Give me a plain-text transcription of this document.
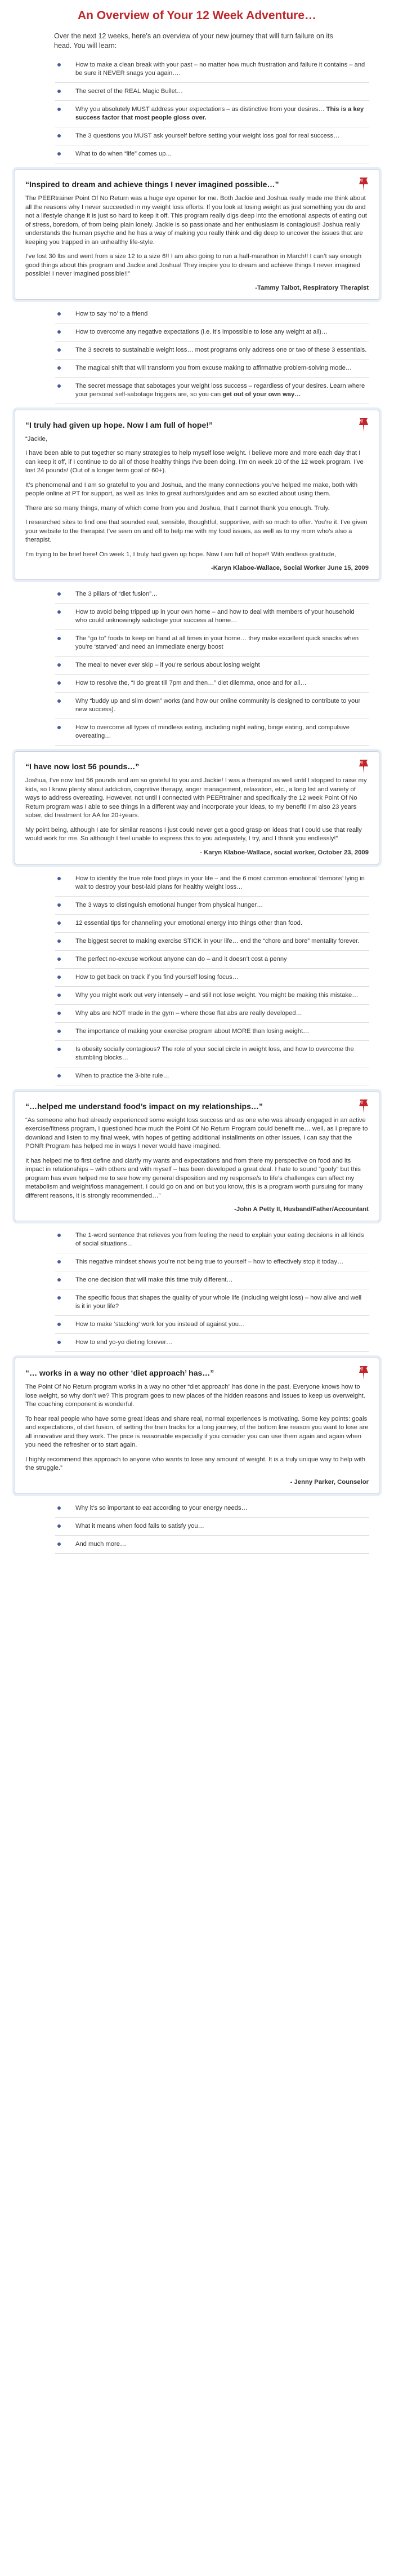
An Overview of Your 12 Week Adventure…

Over the next 12 weeks, here’s an overview of your new journey that will turn failure on its head. You will learn:

How to make a clean break with your past – no matter how much frustration and failure it contains – and be sure it NEVER snags you again….
The secret of the REAL Magic Bullet…
Why you absolutely MUST address your expectations – as distinctive from your desires… This is a key success factor that most people gloss over.
The 3 questions you MUST ask yourself before setting your weight loss goal for real success…
What to do when “life” comes up…
“Inspired to dream and achieve things I never imagined possible…”

The PEERtrainer Point Of No Return was a huge eye opener for me. Both Jackie and Joshua really made me think about all the reasons why I never succeeded in my weight loss efforts. If you look at losing weight as just something you do and not a lifestyle change it is just so hard to keep it off. This program really digs deep into the emotional aspects of eating out of stress, boredom, of from being plain lonely. Jackie is so passionate and her enthusiasm is contagious!! Joshua really understands the human psyche and he has a way of making you really think and dig deep to uncover the issues that are keeping you trapped in an unhealthy life-style.

I’ve lost 30 lbs and went from a size 12 to a size 6!! I am also going to run a half-marathon in March!! I can’t say enough good things about this program and Jackie and Joshua! They inspire you to dream and achieve things I never imagined possible! I never imagined possible!!”

-Tammy Talbot, Respiratory Therapist
How to say ‘no’ to a friend
How to overcome any negative expectations (i.e. it’s impossible to lose any weight at all)…
The 3 secrets to sustainable weight loss… most programs only address one or two of these 3 essentials.
The magical shift that will transform you from excuse making to affirmative problem-solving mode…
The secret message that sabotages your weight loss success – regardless of your desires. Learn where your personal self-sabotage triggers are, so you can get out of your own way…
“I truly had given up hope. Now I am full of hope!”

“Jackie,

I have been able to put together so many strategies to help myself lose weight. I believe more and more each day that I can keep it off, if I continue to do all of those healthy things I’ve been doing. I’m on week 10 of the 12 week program. I’ve lost 24 pounds! (Out of a longer term goal of 60+).

It’s phenomenal and I am so grateful to you and Joshua, and the many connections you’ve helped me make, both with people online at PT for support, as well as links to great authors/guides and am so excited about using them.

There are so many things, many of which come from you and Joshua, that I cannot thank you enough. Truly.

I researched sites to find one that sounded real, sensible, thoughtful, supportive, with so much to offer. You’re it. I’ve given your website to the therapist I’ve seen on and off to help me with my food issues, as well as to my mom who’s also a therapist.

I’m trying to be brief here! On week 1, I truly had given up hope. Now I am full of hope!! With endless gratitude,

-Karyn Klaboe-Wallace, Social Worker June 15, 2009
The 3 pillars of “diet fusion”…
How to avoid being tripped up in your own home – and how to deal with members of your household who could unknowingly sabotage your success at home…
The “go to” foods to keep on hand at all times in your home… they make excellent quick snacks when you’re ‘starved’ and need an immediate energy boost
The meal to never ever skip – if you’re serious about losing weight
How to resolve the, “I do great till 7pm and then…” diet dilemma, once and for all…
Why “buddy up and slim down” works (and how our online community is designed to contribute to your new success).
How to overcome all types of mindless eating, including night eating, binge eating, and compulsive overeating…
“I have now lost 56 pounds…”

Joshua, I’ve now lost 56 pounds and am so grateful to you and Jackie! I was a therapist as well until I stopped to raise my kids, so I know plenty about addiction, cognitive therapy, anger management, relaxation, etc., a long list and variety of ways to address overeating. However, not until I connected with PEERtrainer and specifically the 12 week Point Of No Return program was I able to see things in a different way and incorporate your ideas, to my benefit! I’m also 23 years sober, did treatment for AA for 20+years.

My point being, although I ate for similar reasons I just could never get a good grasp on ideas that I could use that really would work for me. So although I feel unable to express this to you adequately, I try, and I thank you endlessly!”

- Karyn Klaboe-Wallace, social worker, October 23, 2009
How to identify the true role food plays in your life – and the 6 most common emotional ‘demons’ lying in wait to destroy your best-laid plans for healthy weight loss…
The 3 ways to distinguish emotional hunger from physical hunger…
12 essential tips for channeling your emotional energy into things other than food.
The biggest secret to making exercise STICK in your life… end the “chore and bore” mentality forever.
The perfect no-excuse workout anyone can do – and it doesn’t cost a penny
How to get back on track if you find yourself losing focus…
Why you might work out very intensely – and still not lose weight. You might be making this mistake…
Why abs are NOT made in the gym – where those flat abs are really developed…
The importance of making your exercise program about MORE than losing weight…
Is obesity socially contagious? The role of your social circle in weight loss, and how to overcome the stumbling blocks…
When to practice the 3-bite rule…
“…helped me understand food’s impact on my relationships…”

“As someone who had already experienced some weight loss success and as one who was already engaged in an active exercise/fitness program, I questioned how much the Point Of No Return Program could benefit me… well, as I prepare to download and listen to my final week, with hopes of getting additional installments on other issues, I can say that the PONR Program has helped me in ways I never would have imagined.

It has helped me to first define and clarify my wants and expectations and from there my perspective on food and its impact in relationships – with others and with myself – has been developed a great deal. I hate to sound “goofy” but this program has even helped me to see how my general disposition and my response/s to life’s challenges can affect my metabolism and weight/loss management. I could go on and on but you know, this is a program worth pursuing for many different reasons, it is strongly recommended…”

-John A Petty II, Husband/Father/Accountant
The 1-word sentence that relieves you from feeling the need to explain your eating decisions in all kinds of social situations…
This negative mindset shows you’re not being true to yourself – how to effectively stop it today…
The one decision that will make this time truly different…
The specific focus that shapes the quality of your whole life (including weight loss) – how alive and well is it in your life?
How to make ‘stacking’ work for you instead of against you…
How to end yo-yo dieting forever…
“… works in a way no other ‘diet approach’ has…”

The Point Of No Return program works in a way no other “diet approach” has done in the past. Everyone knows how to lose weight, so why don’t we? This program goes to new places of the hidden reasons and issues to keep us overweight. The coaching component is wonderful.

To hear real people who have some great ideas and share real, normal experiences is motivating. Some key points: goals and expectations, of diet fusion, of setting the train tracks for a long journey, of the bottom line reason you want to lose are all innovative and they work. The price is reasonable especially if you consider you can use them again and again when you need the refresher or to start again.

I highly recommend this approach to anyone who wants to lose any amount of weight. It is a truly unique way to help with the struggle.”

- Jenny Parker, Counselor
Why it’s so important to eat according to your energy needs…
What it means when food fails to satisfy you…
And much more…
